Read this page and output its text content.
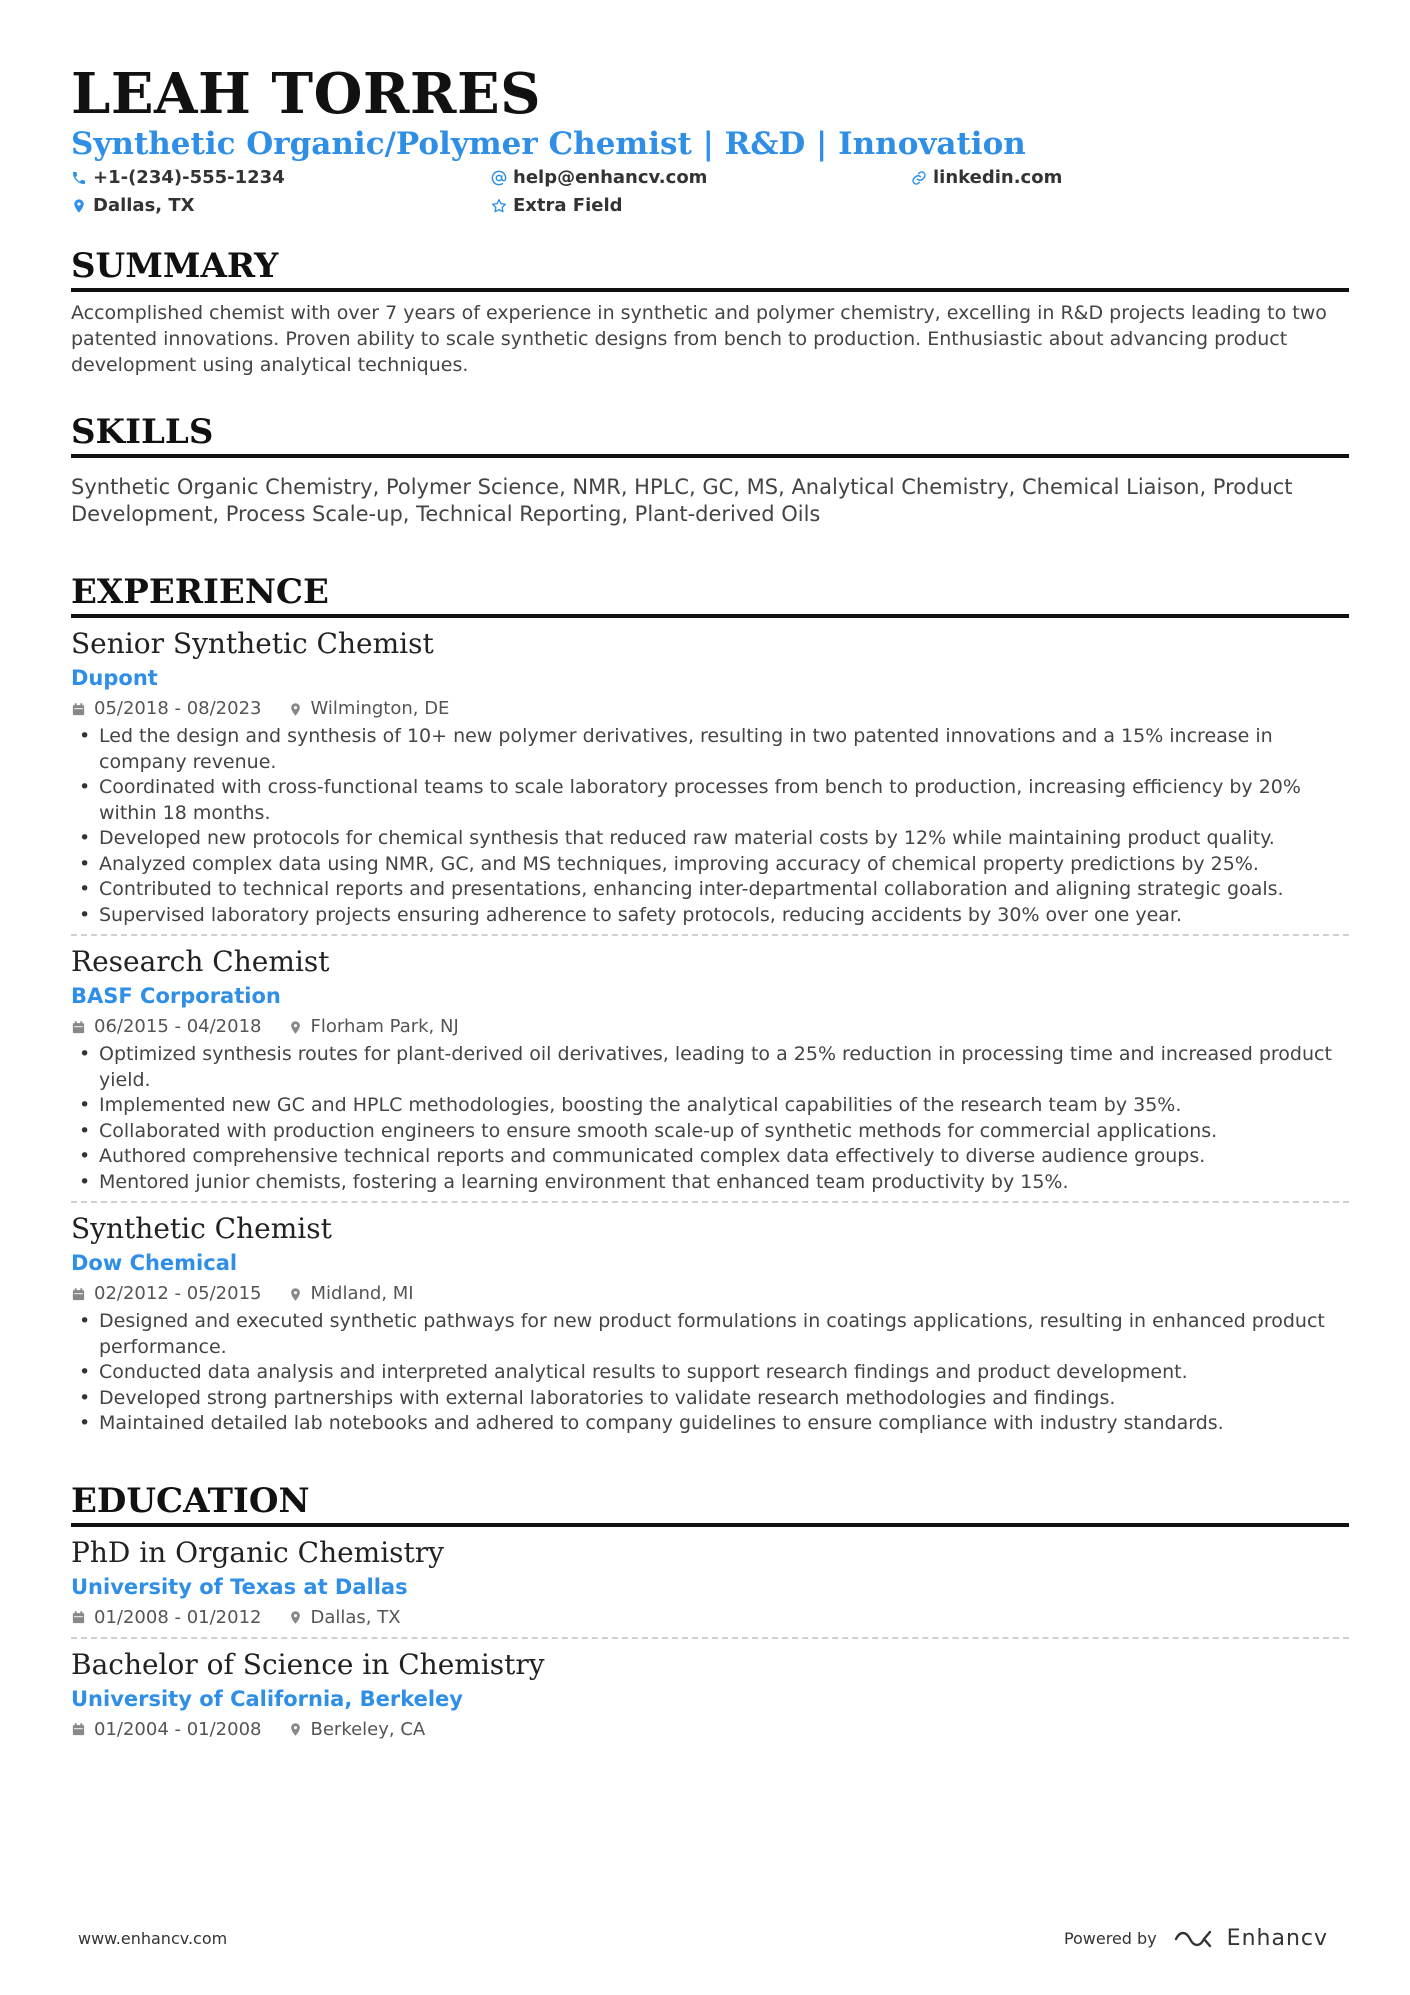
LEAH TORRES
Synthetic Organic/Polymer Chemist | R&D | Innovation
+1-(234)-555-1234	help@enhancv.com	linkedin.com
Dallas, TX	Extra Field
SUMMARY

Accomplished chemist with over 7 years of experience in synthetic and polymer chemistry, excelling in R&D projects leading to two patented innovations. Proven ability to scale synthetic designs from bench to production. Enthusiastic about advancing product development using analytical techniques.

SKILLS

Synthetic Organic Chemistry, Polymer Science, NMR, HPLC, GC, MS, Analytical Chemistry, Chemical Liaison, Product Development, Process Scale-up, Technical Reporting, Plant-derived Oils

EXPERIENCE
Senior Synthetic Chemist
Dupont
05/2018 - 08/2023	Wilmington, DE
• Led the design and synthesis of 10+ new polymer derivatives, resulting in two patented innovations and a 15% increase in company revenue.
• Coordinated with cross-functional teams to scale laboratory processes from bench to production, increasing efficiency by 20% within 18 months.
• Developed new protocols for chemical synthesis that reduced raw material costs by 12% while maintaining product quality.
• Analyzed complex data using NMR, GC, and MS techniques, improving accuracy of chemical property predictions by 25%.
• Contributed to technical reports and presentations, enhancing inter-departmental collaboration and aligning strategic goals.
• Supervised laboratory projects ensuring adherence to safety protocols, reducing accidents by 30% over one year.
Research Chemist
BASF Corporation
06/2015 - 04/2018	Florham Park, NJ
• Optimized synthesis routes for plant-derived oil derivatives, leading to a 25% reduction in processing time and increased product yield.
• Implemented new GC and HPLC methodologies, boosting the analytical capabilities of the research team by 35%.
• Collaborated with production engineers to ensure smooth scale-up of synthetic methods for commercial applications.
• Authored comprehensive technical reports and communicated complex data effectively to diverse audience groups.
• Mentored junior chemists, fostering a learning environment that enhanced team productivity by 15%.
Synthetic Chemist
Dow Chemical
02/2012 - 05/2015	Midland, MI
• Designed and executed synthetic pathways for new product formulations in coatings applications, resulting in enhanced product performance.
• Conducted data analysis and interpreted analytical results to support research findings and product development.
• Developed strong partnerships with external laboratories to validate research methodologies and findings.
• Maintained detailed lab notebooks and adhered to company guidelines to ensure compliance with industry standards.
EDUCATION
PhD in Organic Chemistry
University of Texas at Dallas
01/2008 - 01/2012	Dallas, TX
Bachelor of Science in Chemistry
University of California, Berkeley
01/2004 - 01/2008	Berkeley, CA
www.enhancv.com	Powered by	Enhancv
